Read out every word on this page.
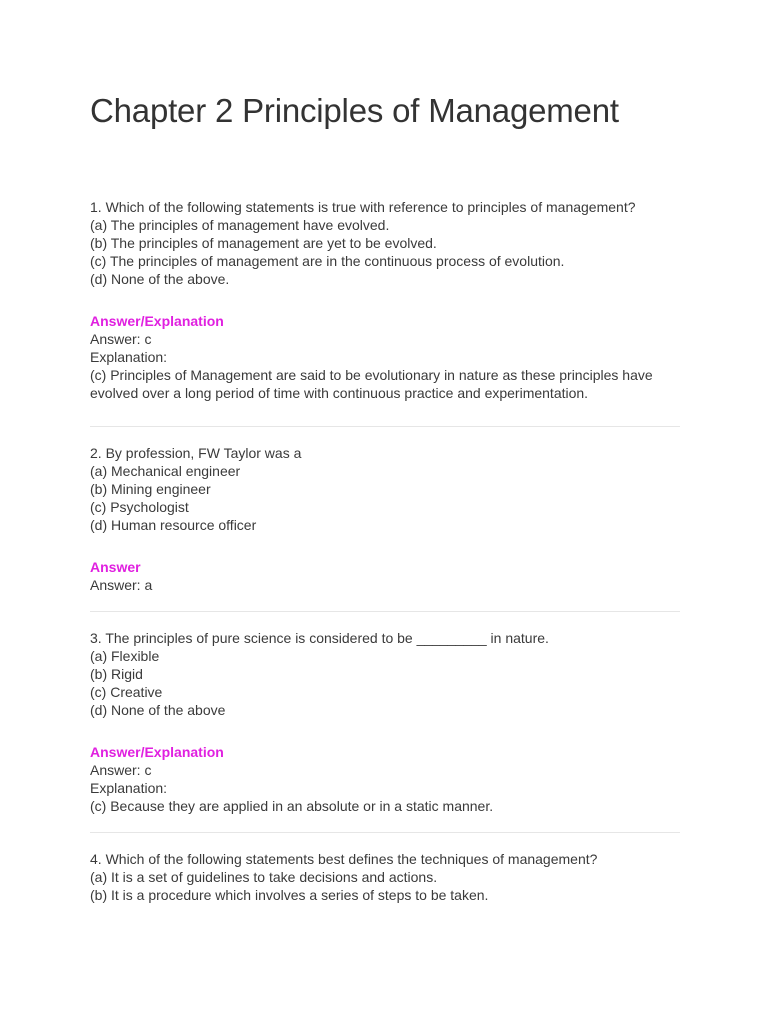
Chapter 2 Principles of Management

1. Which of the following statements is true with reference to principles of management?

(a) The principles of management have evolved.

(b) The principles of management are yet to be evolved.

(c) The principles of management are in the continuous process of evolution.

(d) None of the above.

Answer/Explanation

Answer: c

Explanation:

(c) Principles of Management are said to be evolutionary in nature as these principles have evolved over a long period of time with continuous practice and experimentation.

2. By profession, FW Taylor was a

(a) Mechanical engineer

(b) Mining engineer

(c) Psychologist

(d) Human resource officer

Answer

Answer: a

3. The principles of pure science is considered to be _________ in nature.

(a) Flexible

(b) Rigid

(c) Creative

(d) None of the above

Answer/Explanation

Answer: c

Explanation:

(c) Because they are applied in an absolute or in a static manner.

4. Which of the following statements best defines the techniques of management?

(a) It is a set of guidelines to take decisions and actions.

(b) It is a procedure which involves a series of steps to be taken.
